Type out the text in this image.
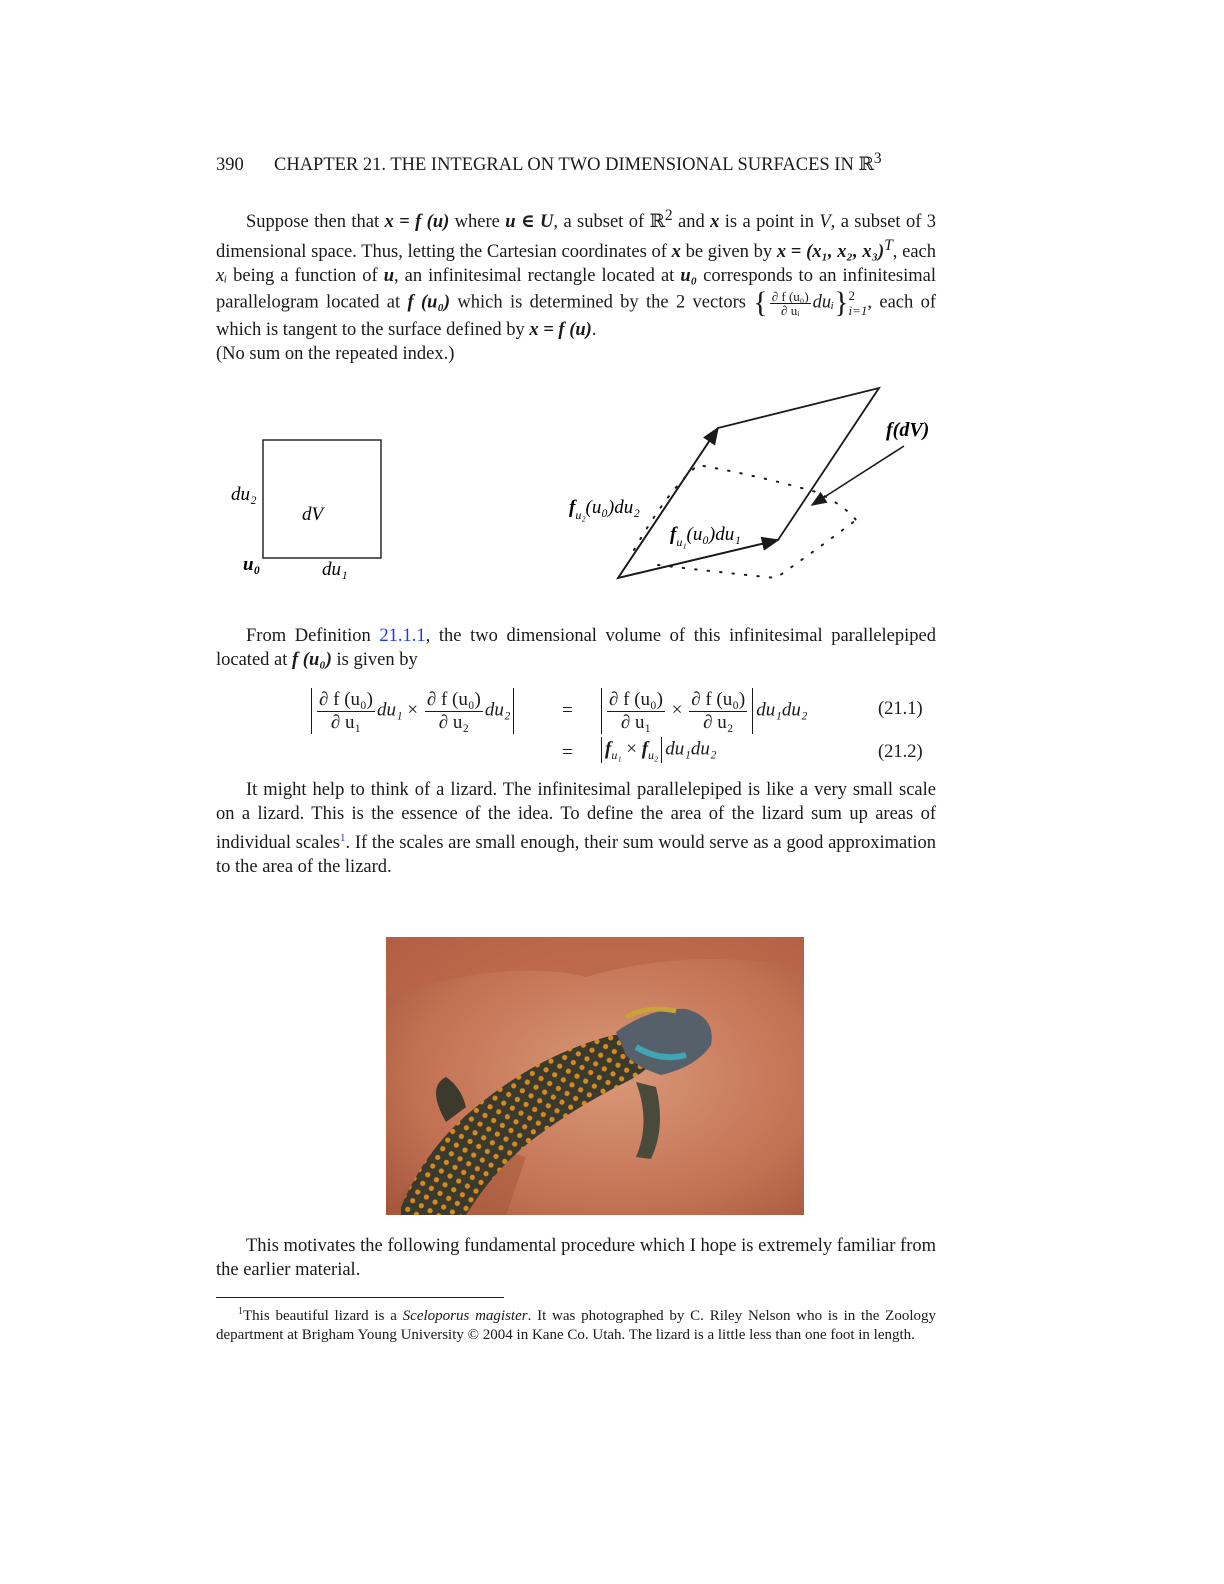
390 CHAPTER 21. THE INTEGRAL ON TWO DIMENSIONAL SURFACES IN ℝ$^3$
Suppose then that x = f (u) where u ∈ U, a subset of ℝ$^2$ and x is a point in V, a subset of 3 dimensional space. Thus, letting the Cartesian coordinates of x be given by x = (x₁, x₂, x₃)$^T$, each xᵢ being a function of u, an infinitesimal rectangle located at u₀ corresponds to an infinitesimal parallelogram located at f (u₀) which is determined by the 2 vectors { $\frac{\text{∂ f (u₀)}}{\text{∂ uᵢ}}$ duᵢ} 2
i=1 , each of which is tangent to the surface defined by x = f (u).
(No sum on the repeated index.)
du₂
dV
u₀	du₁
f(dV)
$f_{u_2}(u_0)du_2$
$f_{u_1}(u_0)du_1$
From Definition 21.1.1, the two dimensional volume of this infinitesimal parallelepiped located at f (u₀) is given by
$\frac{\text{∂ f (u₀)}}{\text{∂ u₁}} du_1 \times \frac{\text{∂ f (u₀)}}{\text{∂ u₂}} du_2$	= $\frac{\text{∂ f (u₀)}}{\text{∂ u₁}} \times \frac{\text{∂ f (u₀)}}{\text{∂ u₂}} du_1du_2$	(21.1)
=	$f_{u_1} \times f_{u_2}$ du₁du₂	(21.2)
It might help to think of a lizard. The infinitesimal parallelepiped is like a very small scale on a lizard. This is the essence of the idea. To define the area of the lizard sum up areas of individual scales$^1$. If the scales are small enough, their sum would serve as a good approximation to the area of the lizard.
This motivates the following fundamental procedure which I hope is extremely familiar from the earlier material.
$^1$This beautiful lizard is a Sceloporus magister. It was photographed by C. Riley Nelson who is in the Zoology department at Brigham Young University © 2004 in Kane Co. Utah. The lizard is a little less than one foot in length.
